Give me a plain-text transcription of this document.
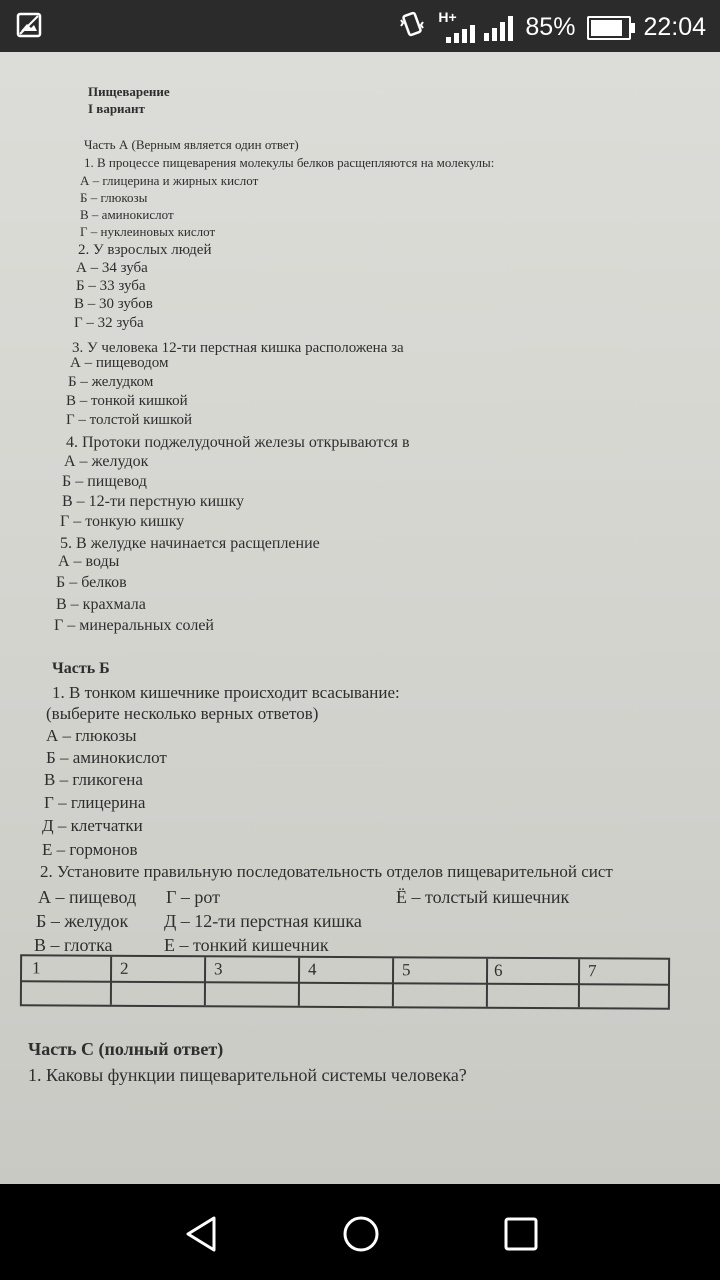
H+	85%	22:04
Пищеварение
I вариант
Часть А (Верным является один ответ)
1. В процессе пищеварения молекулы белков расщепляются на молекулы:
А – глицерина и жирных кислот
Б – глюкозы
В – аминокислот
Г – нуклеиновых кислот
2. У взрослых людей
А – 34 зуба
Б – 33 зуба
В – 30 зубов
Г – 32 зуба
3. У человека 12-ти перстная кишка расположена за
А – пищеводом
Б – желудком
В – тонкой кишкой
Г – толстой кишкой
4. Протоки поджелудочной железы открываются в
А – желудок
Б – пищевод
В – 12-ти перстную кишку
Г – тонкую кишку
5. В желудке начинается расщепление
А – воды
Б – белков
В – крахмала
Г – минеральных солей
Часть Б
1. В тонком кишечнике происходит всасывание:
(выберите несколько верных ответов)
А – глюкозы
Б – аминокислот
В – гликогена
Г – глицерина
Д – клетчатки
Е – гормонов
2. Установите правильную последовательность отделов пищеварительной сист
А – пищевод Г – рот	Ё – толстый кишечник
Б – желудок Д – 12-ти перстная кишка
В – глотка	Е – тонкий кишечник
1	2	3	4	5	6	7
Часть С (полный ответ)
1. Каковы функции пищеварительной системы человека?
